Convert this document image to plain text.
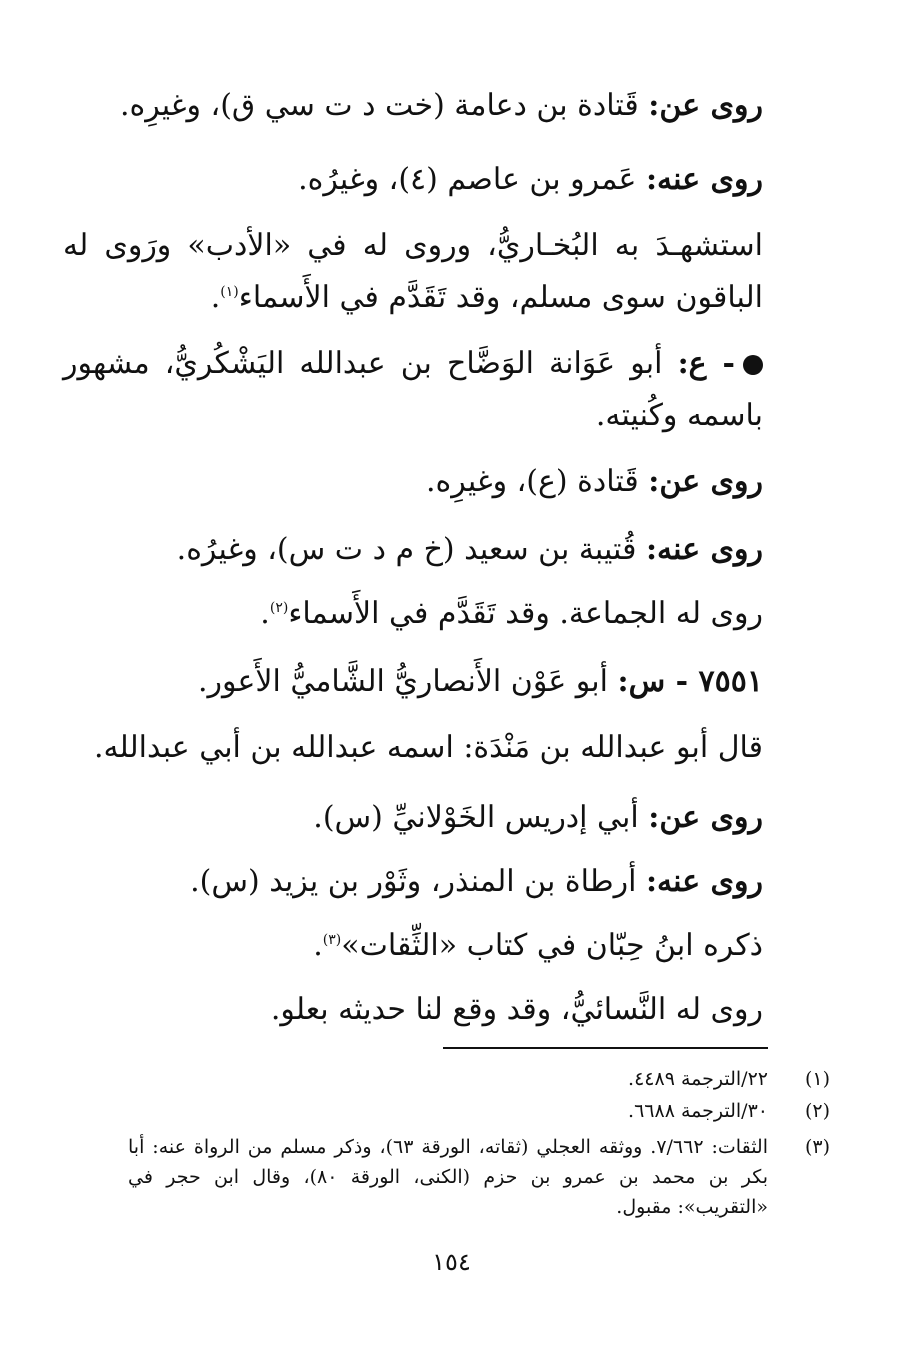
روى عن: قَتادة بن دعامة (خت د ت سي ق)، وغيرِه.
روى عنه: عَمرو بن عاصم (٤)، وغيرُه.
استشهـدَ به البُخـاريُّ، وروى له في «الأدب» ورَوى له الباقون سوى مسلم، وقد تَقَدَّم في الأَسماء$^{(١)}$.
- ع: أبو عَوَانة الوَضَّاح بن عبدالله اليَشْكُريُّ، مشهور باسمه وكُنيته.
روى عن: قَتادة (ع)، وغيرِه.
روى عنه: قُتيبة بن سعيد (خ م د ت س)، وغيرُه.
روى له الجماعة. وقد تَقَدَّم في الأَسماء$^{(٢)}$.
٧٥٥١ - س: أبو عَوْن الأَنصاريُّ الشَّاميُّ الأَعور.
قال أبو عبدالله بن مَنْدَة: اسمه عبدالله بن أبي عبدالله.
روى عن: أبي إدريس الخَوْلانيِّ (س).
روى عنه: أرطاة بن المنذر، وثَوْر بن يزيد (س).
ذكره ابنُ حِبّان في كتاب «الثِّقات»$^{(٣)}$.
روى له النَّسائيُّ، وقد وقع لنا حديثه بعلو.
(١)
٢٢/الترجمة ٤٤٨٩.
(٢)
٣٠/الترجمة ٦٦٨٨.
(٣)
الثقات: ٧/٦٦٢. ووثقه العجلي (ثقاته، الورقة ٦٣)، وذكر مسلم من الرواة عنه: أبا بكر بن محمد بن عمرو بن حزم (الكنى، الورقة ٨٠)، وقال ابن حجر في «التقريب»: مقبول.
١٥٤
